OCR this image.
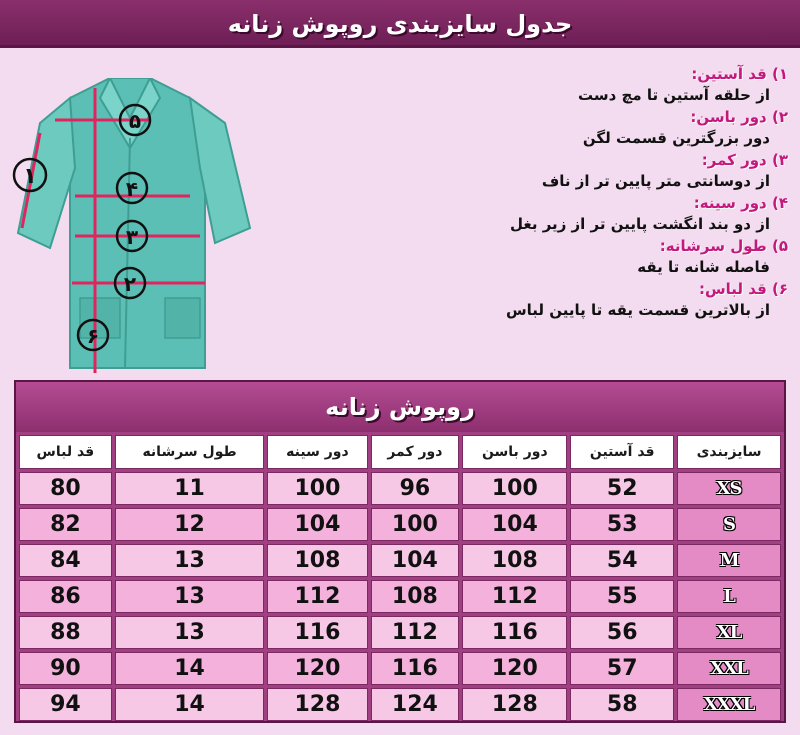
جدول سایزبندی روپوش زنانه
١
۵
۴
٣
٢
۶
۱) قد آستین:
از حلقه آستین تا مچ دست
۲) دور باسن:
دور بزرگترین قسمت لگن
۳) دور کمر:
از دوسانتی متر پایین تر از ناف
۴) دور سینه:
از دو بند انگشت پایین تر از زیر بغل
۵) طول سرشانه:
فاصله شانه تا یقه
۶) قد لباس:
از بالاترین قسمت یقه تا پایین لباس
روپوش زنانه
سایزبندی	قد آستین	دور باسن	دور کمر	دور سینه	طول سرشانه	قد لباس
XS	52	100	96	100	11	80
S	53	104	100	104	12	82
M	54	108	104	108	13	84
L	55	112	108	112	13	86
XL	56	116	112	116	13	88
XXL	57	120	116	120	14	90
XXXL	58	128	124	128	14	94
